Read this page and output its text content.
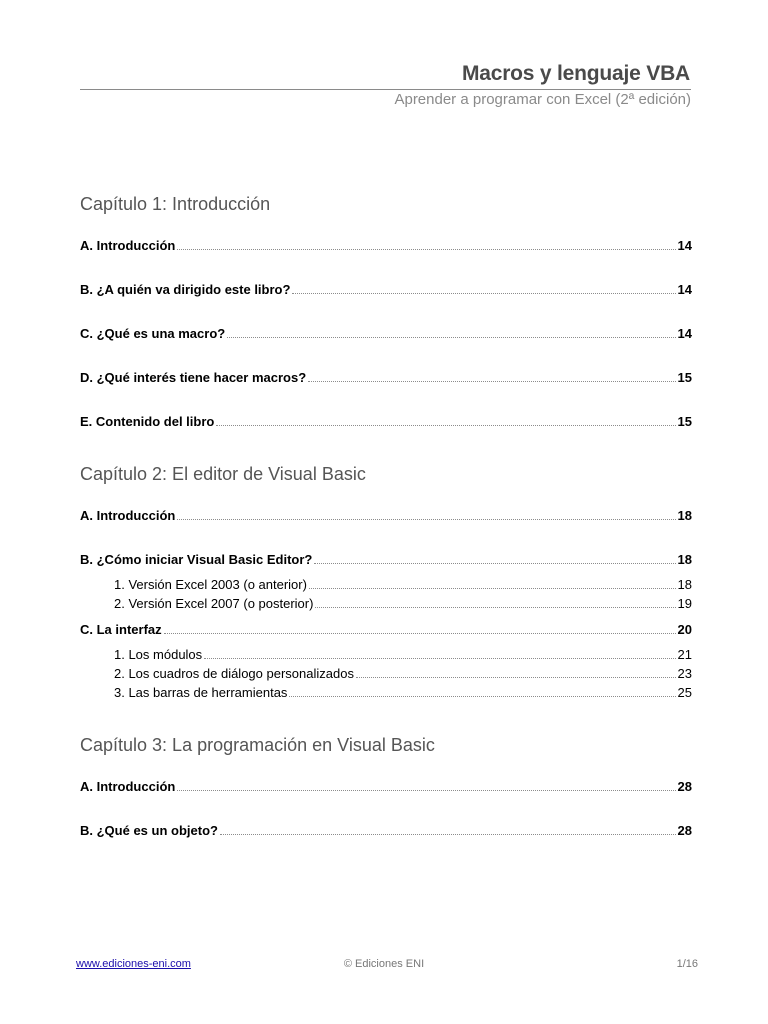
Macros y lenguaje VBA
Aprender a programar con Excel (2ª edición)
Capítulo 1: Introducción
A. Introducción	14
B. ¿A quién va dirigido este libro?	14
C. ¿Qué es una macro?	14
D. ¿Qué interés tiene hacer macros?	15
E. Contenido del libro	15
Capítulo 2: El editor de Visual Basic
A. Introducción	18
B. ¿Cómo iniciar Visual Basic Editor?	18
1. Versión Excel 2003 (o anterior)	18
2. Versión Excel 2007 (o posterior)	19
C. La interfaz	20
1. Los módulos	21
2. Los cuadros de diálogo personalizados	23
3. Las barras de herramientas	25
Capítulo 3: La programación en Visual Basic
A. Introducción	28
B. ¿Qué es un objeto?	28
www.ediciones-eni.com	© Ediciones ENI	1/16
